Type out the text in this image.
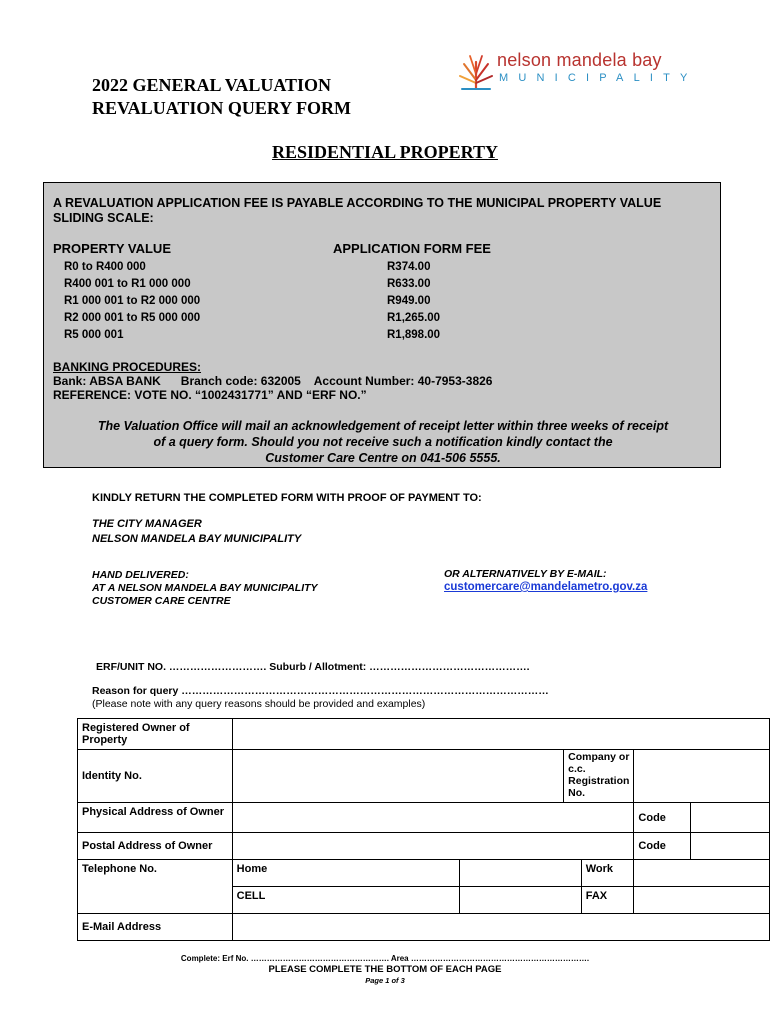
2022 GENERAL VALUATION
REVALUATION QUERY FORM
nelson mandela bay
MUNICIPALITY
RESIDENTIAL PROPERTY
A REVALUATION APPLICATION FEE IS PAYABLE ACCORDING TO THE MUNICIPAL PROPERTY VALUE SLIDING SCALE:
PROPERTY VALUE	APPLICATION FORM FEE
R0 to R400 000	R374.00
R400 001 to R1 000 000	R633.00
R1 000 001 to R2 000 000	R949.00
R2 000 001 to R5 000 000	R1,265.00
R5 000 001	R1,898.00
BANKING PROCEDURES:
Bank: ABSA BANK      Branch code: 632005    Account Number: 40-7953-3826
REFERENCE: VOTE NO. “1002431771” AND “ERF NO.”
The Valuation Office will mail an acknowledgement of receipt letter within three weeks of receipt
of a query form. Should you not receive such a notification kindly contact the
Customer Care Centre on 041-506 5555.
KINDLY RETURN THE COMPLETED FORM WITH PROOF OF PAYMENT TO:
THE CITY MANAGER
NELSON MANDELA BAY MUNICIPALITY
HAND DELIVERED:
AT A NELSON MANDELA BAY MUNICIPALITY
CUSTOMER CARE CENTRE
OR ALTERNATIVELY BY E-MAIL:
customercare@mandelametro.gov.za
ERF/UNIT NO. ………………………. Suburb / Allotment: ……………………………………….
Reason for query ……………………………………………………………………………………………
(Please note with any query reasons should be provided and examples)
Registered Owner of Property						
Identity No.			Company or c.c. Registration No.			
Physical Address of Owner					Code	
Postal Address of Owner					Code	
Telephone No.	Home			Work		
	CELL			FAX		
E-Mail Address						
Complete: Erf No. ……………………………………………. Area ………………………………………………………….
PLEASE COMPLETE THE BOTTOM OF EACH PAGE
Page 1 of 3
